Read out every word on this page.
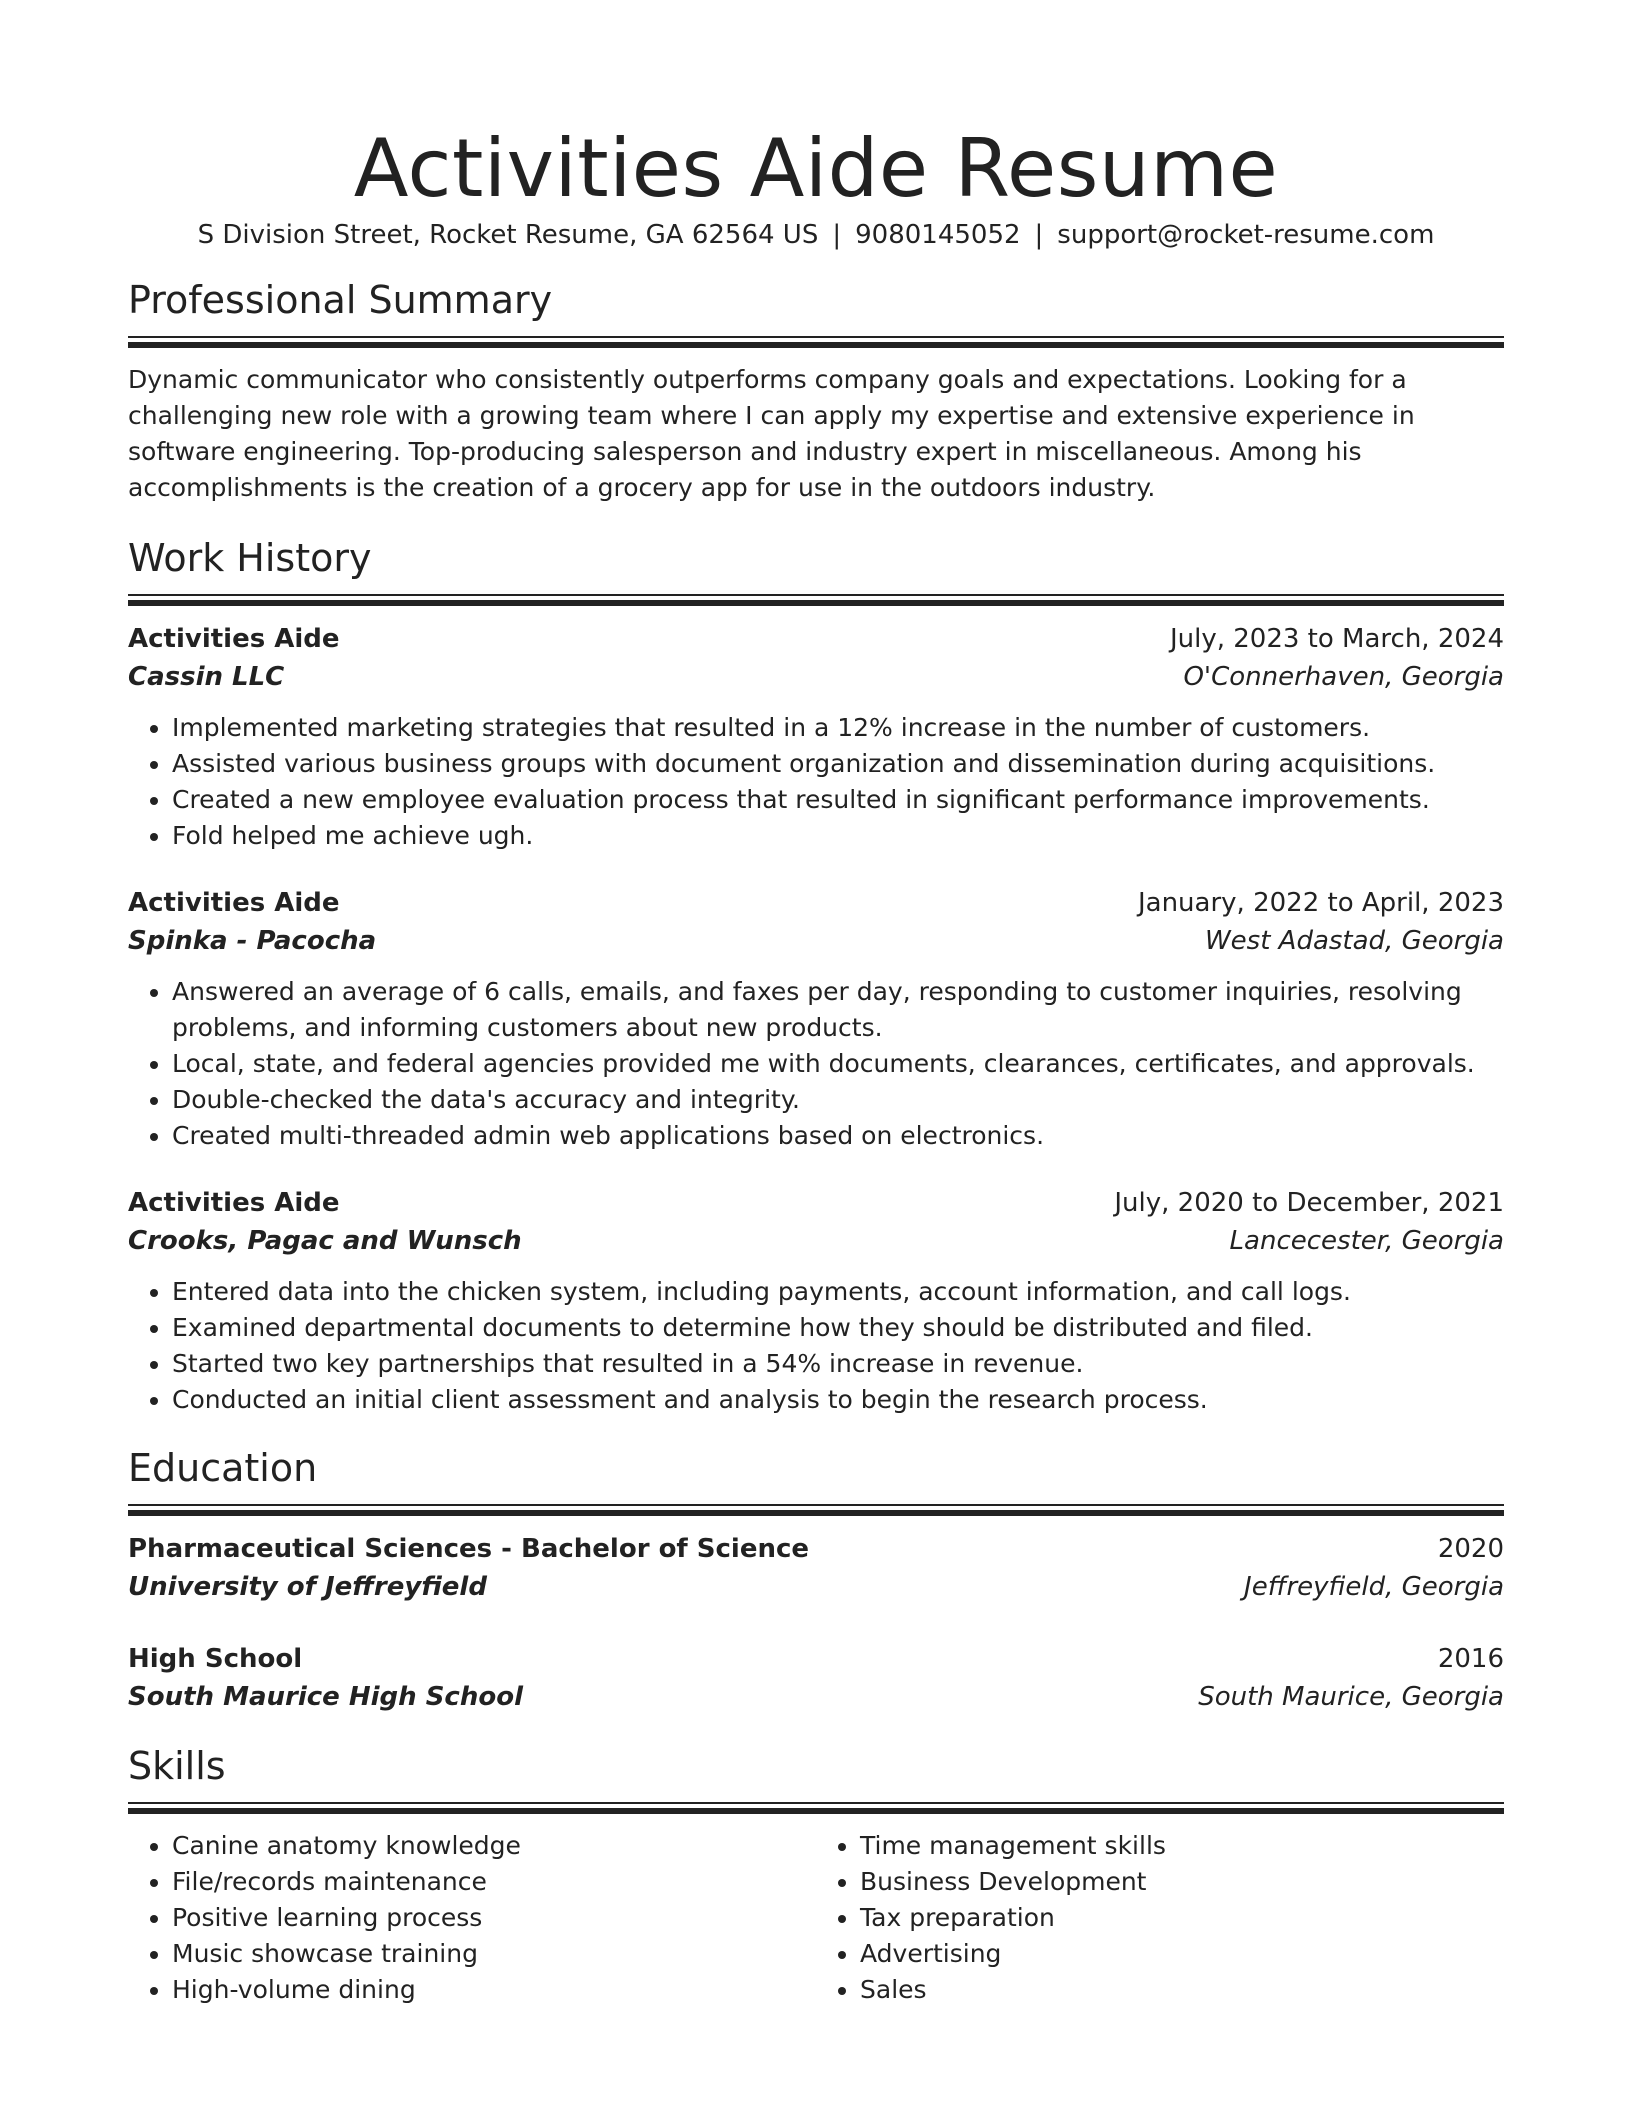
Activities Aide Resume
S Division Street, Rocket Resume, GA 62564 US | 9080145052 | support@rocket-resume.com
Professional Summary

Dynamic communicator who consistently outperforms company goals and expectations. Looking for a challenging new role with a growing team where I can apply my expertise and extensive experience in software engineering. Top-producing salesperson and industry expert in miscellaneous. Among his accomplishments is the creation of a grocery app for use in the outdoors industry.

Work History
Activities Aide	July, 2023 to March, 2024
Cassin LLC	O'Connerhaven, Georgia
• Implemented marketing strategies that resulted in a 12% increase in the number of customers.
• Assisted various business groups with document organization and dissemination during acquisitions.
• Created a new employee evaluation process that resulted in significant performance improvements.
• Fold helped me achieve ugh.
Activities Aide	January, 2022 to April, 2023
Spinka - Pacocha	West Adastad, Georgia
• Answered an average of 6 calls, emails, and faxes per day, responding to customer inquiries, resolving problems, and informing customers about new products.
• Local, state, and federal agencies provided me with documents, clearances, certificates, and approvals.
• Double-checked the data's accuracy and integrity.
• Created multi-threaded admin web applications based on electronics.
Activities Aide	July, 2020 to December, 2021
Crooks, Pagac and Wunsch	Lancecester, Georgia
• Entered data into the chicken system, including payments, account information, and call logs.
• Examined departmental documents to determine how they should be distributed and filed.
• Started two key partnerships that resulted in a 54% increase in revenue.
• Conducted an initial client assessment and analysis to begin the research process.
Education
Pharmaceutical Sciences - Bachelor of Science	2020
University of Jeffreyfield	Jeffreyfield, Georgia
High School	2016
South Maurice High School	South Maurice, Georgia
Skills
• Canine anatomy knowledge
• File/records maintenance
• Positive learning process
• Music showcase training
• High-volume dining
• Time management skills
• Business Development
• Tax preparation
• Advertising
• Sales
